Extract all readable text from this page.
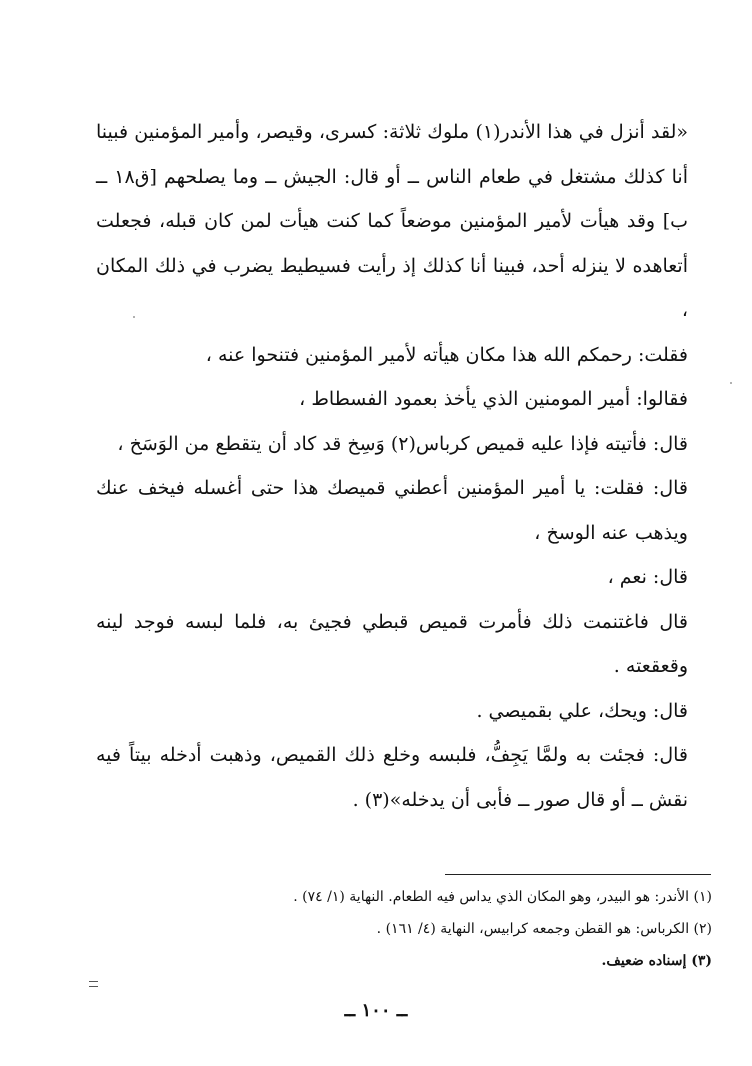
«لقد أنزل في هذا الأندر(١) ملوك ثلاثة: كسرى، وقيصر، وأمير المؤمنين فبينا أنا كذلك مشتغل في طعام الناس ــ أو قال: الجيش ــ وما يصلحهم [ق١٨ ــ ب] وقد هيأت لأمير المؤمنين موضعاً كما كنت هيأت لمن كان قبله، فجعلت أتعاهده لا ينزله أحد، فبينا أنا كذلك إذ رأيت فسيطيط يضرب في ذلك المكان ،

فقلت: رحمكم الله هذا مكان هيأته لأمير المؤمنين فتنحوا عنه ،

فقالوا: أمير المومنين الذي يأخذ بعمود الفسطاط ،

قال: فأتيته فإذا عليه قميص كرباس(٢) وَسِخ قد كاد أن يتقطع من الوَسَخ ،

قال: فقلت: يا أمير المؤمنين أعطني قميصك هذا حتى أغسله فيخف عنك ويذهب عنه الوسخ ،

قال: نعم ،

قال فاغتنمت ذلك فأمرت قميص قبطي فجيئ به، فلما لبسه فوجد لينه وقعقعته .

قال: ويحك، علي بقميصي .

قال: فجئت به ولمَّا يَجِفُّ، فلبسه وخلع ذلك القميص، وذهبت أدخله بيتاً فيه نقش ــ أو قال صور ــ فأبى أن يدخله»(٣) .

(١) الأندر: هو البيدر، وهو المكان الذي يداس فيه الطعام. النهاية (١/ ٧٤) .

(٢) الكرباس: هو القطن وجمعه كرابيس، النهاية (٤/ ١٦١) .

(٣) إسناده ضعيف.

ــ ١٠٠ ــ
